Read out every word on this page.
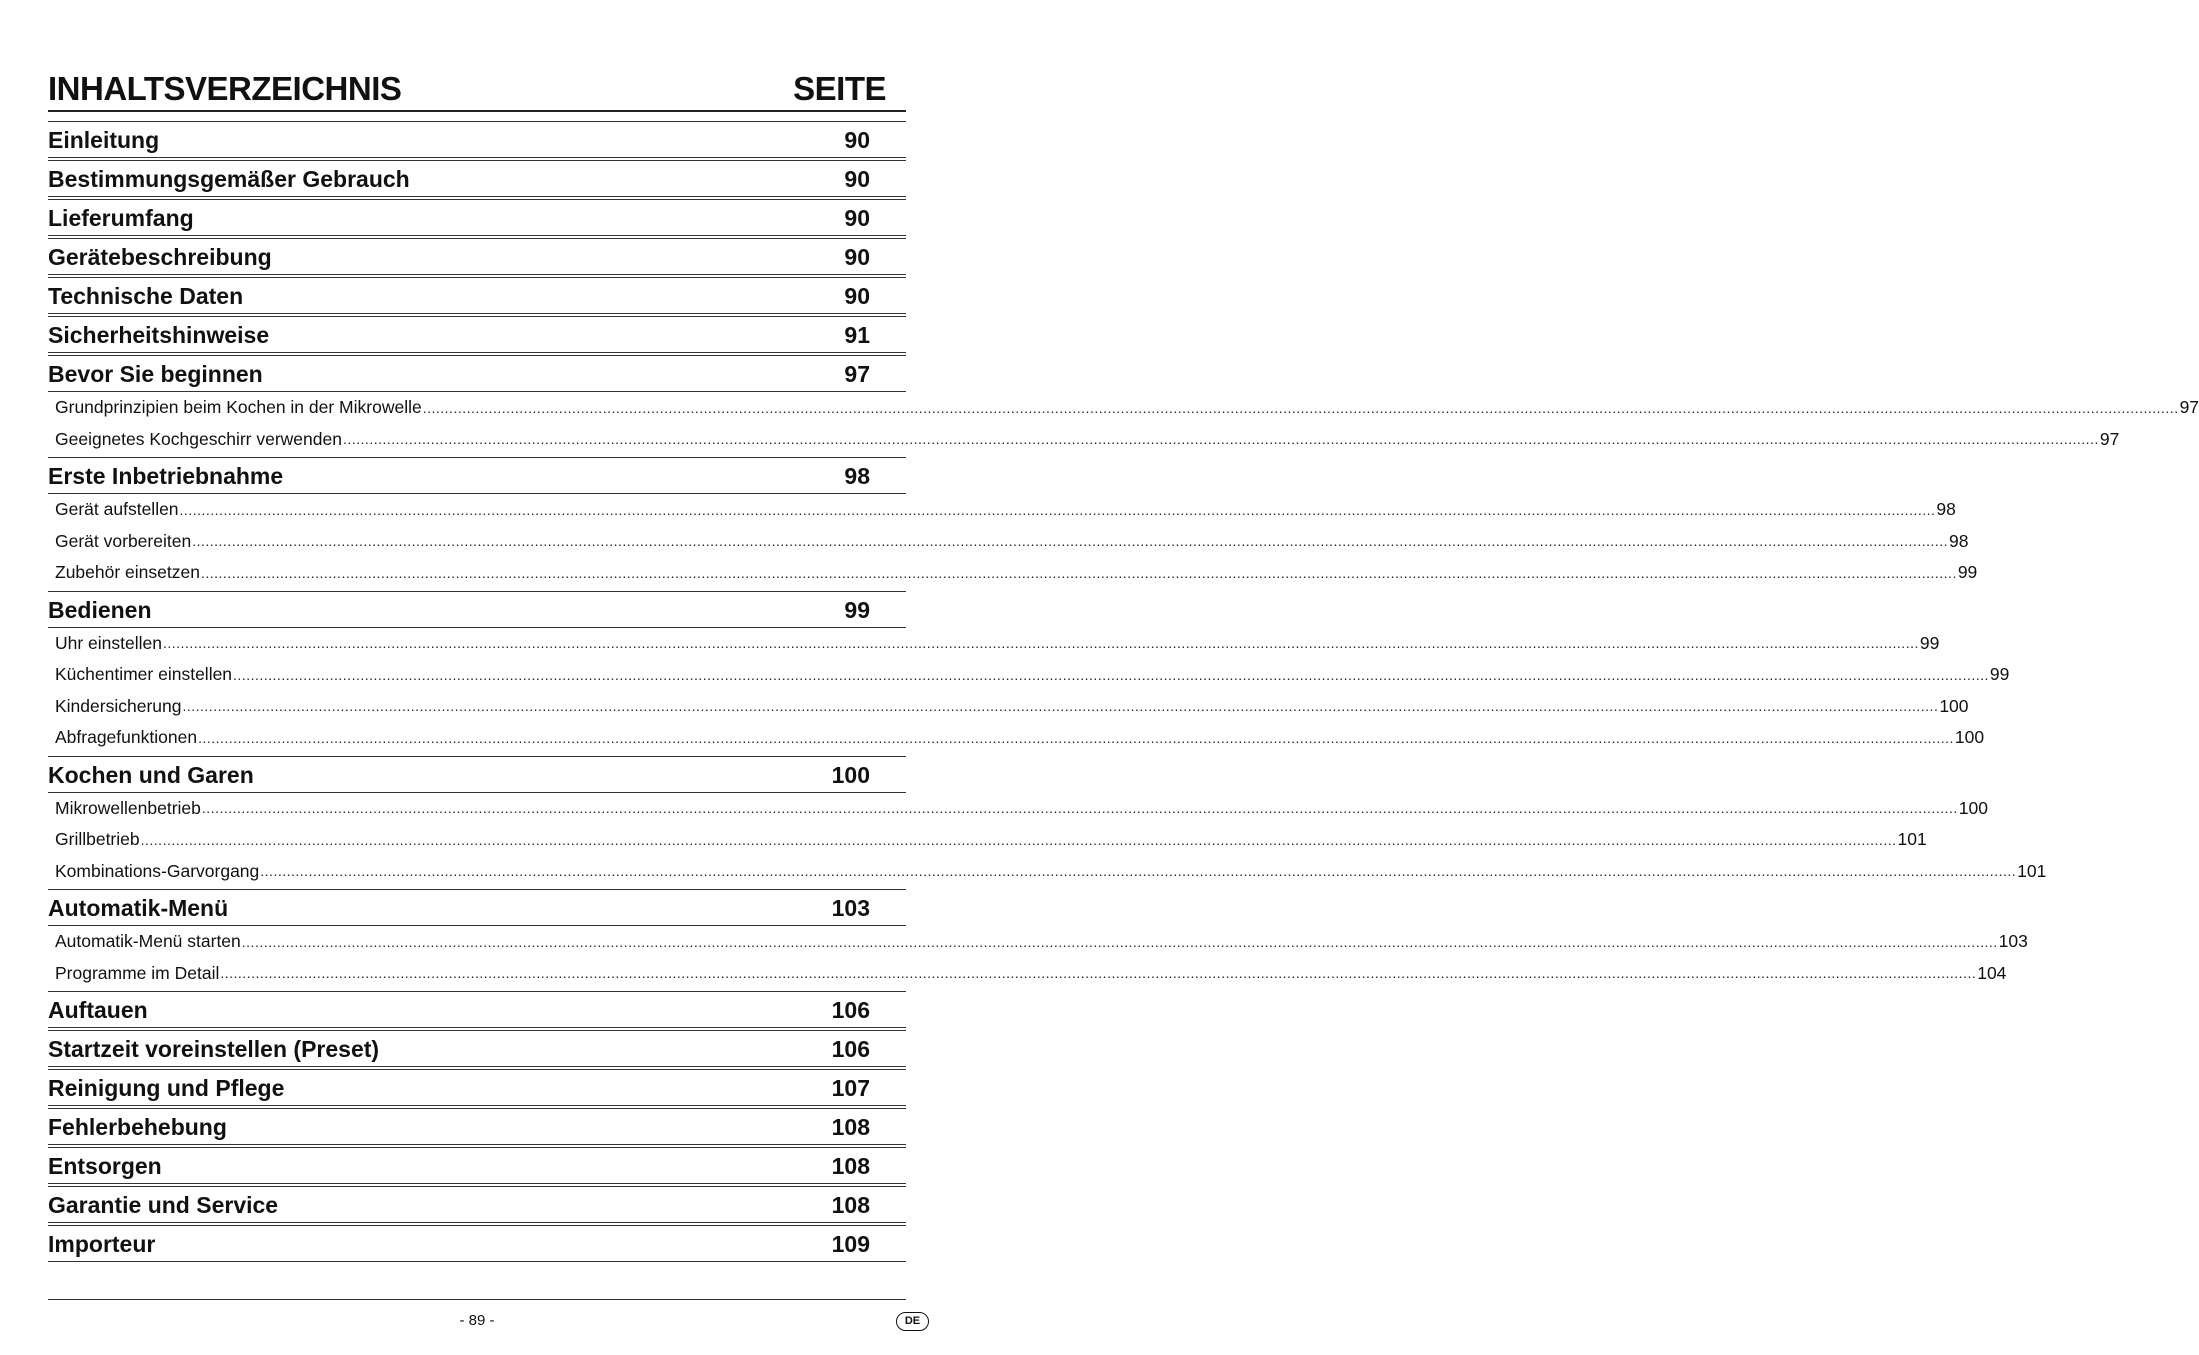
INHALTSVERZEICHNIS	SEITE
Einleitung	90
Bestimmungsgemäßer Gebrauch	90
Lieferumfang	90
Gerätebeschreibung	90
Technische Daten	90
Sicherheitshinweise	91
Bevor Sie beginnen	97
Grundprinzipien beim Kochen in der Mikrowelle ................................................................................................................................................................................................................................................................................................................................................................................................................ 97
Geeignetes Kochgeschirr verwenden ................................................................................................................................................................................................................................................................................................................................................................................................................ 97
Erste Inbetriebnahme	98
Gerät aufstellen ................................................................................................................................................................................................................................................................................................................................................................................................................ 98
Gerät vorbereiten ................................................................................................................................................................................................................................................................................................................................................................................................................ 98
Zubehör einsetzen ................................................................................................................................................................................................................................................................................................................................................................................................................ 99
Bedienen	99
Uhr einstellen ................................................................................................................................................................................................................................................................................................................................................................................................................ 99
Küchentimer einstellen ................................................................................................................................................................................................................................................................................................................................................................................................................ 99
Kindersicherung ................................................................................................................................................................................................................................................................................................................................................................................................................ 100
Abfragefunktionen ................................................................................................................................................................................................................................................................................................................................................................................................................ 100
Kochen und Garen	100
Mikrowellenbetrieb ................................................................................................................................................................................................................................................................................................................................................................................................................ 100
Grillbetrieb ................................................................................................................................................................................................................................................................................................................................................................................................................ 101
Kombinations-Garvorgang ................................................................................................................................................................................................................................................................................................................................................................................................................ 101
Automatik-Menü	103
Automatik-Menü starten ................................................................................................................................................................................................................................................................................................................................................................................................................ 103
Programme im Detail ................................................................................................................................................................................................................................................................................................................................................................................................................ 104
Auftauen	106
Startzeit voreinstellen (Preset)	106
Reinigung und Pflege	107
Fehlerbehebung	108
Entsorgen	108
Garantie und Service	108
Importeur	109
- 89 -	DE
